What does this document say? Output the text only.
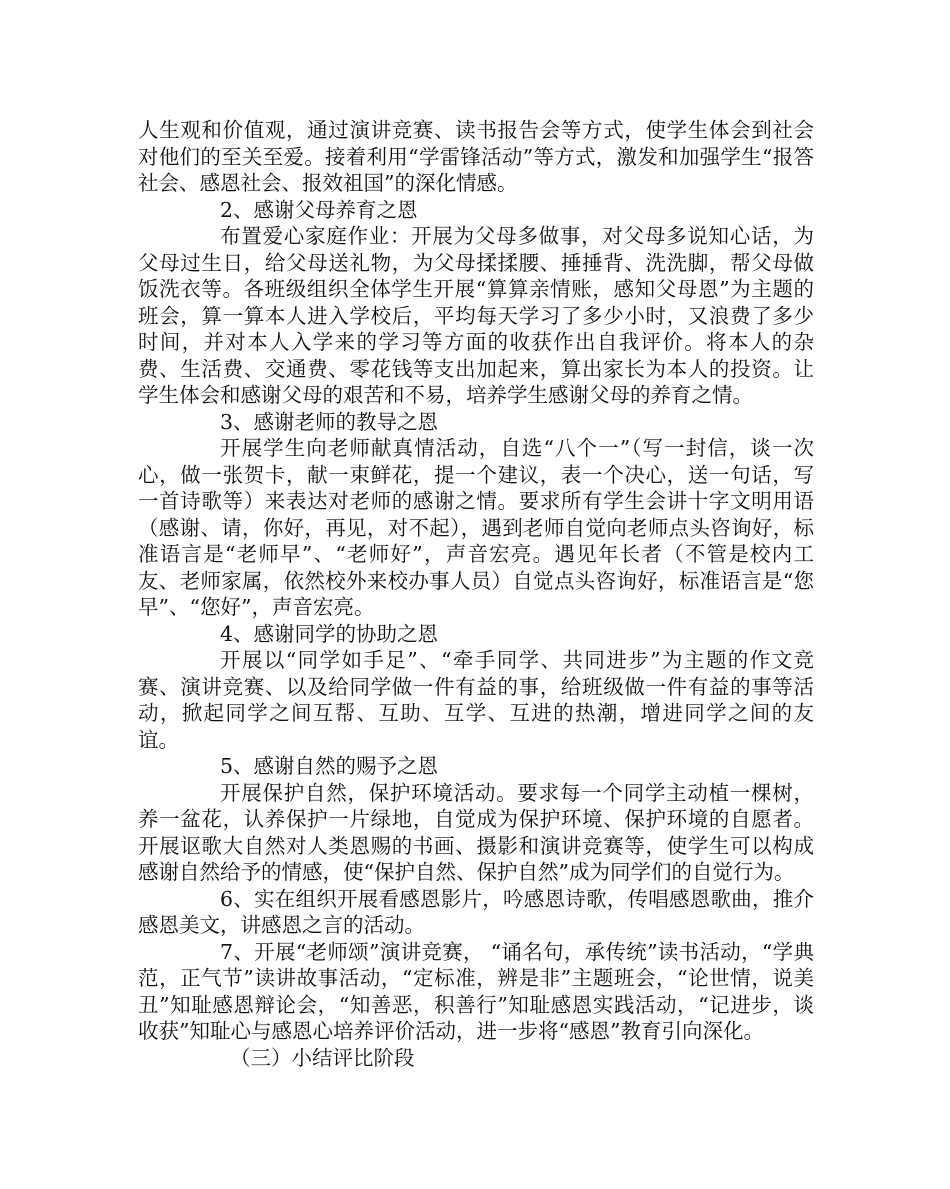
人生观和价值观，通过演讲竞赛、读书报告会等方式，使学生体会到社会对他们的至关至爱。接着利用“学雷锋活动”等方式，激发和加强学生“报答社会、感恩社会、报效祖国”的深化情感。

2、感谢父母养育之恩

布置爱心家庭作业：开展为父母多做事，对父母多说知心话，为父母过生日，给父母送礼物，为父母揉揉腰、捶捶背、洗洗脚，帮父母做饭洗衣等。各班级组织全体学生开展“算算亲情账，感知父母恩”为主题的班会，算一算本人进入学校后，平均每天学习了多少小时，又浪费了多少时间，并对本人入学来的学习等方面的收获作出自我评价。将本人的杂费、生活费、交通费、零花钱等支出加起来，算出家长为本人的投资。让学生体会和感谢父母的艰苦和不易，培养学生感谢父母的养育之情。

3、感谢老师的教导之恩

开展学生向老师献真情活动，自选“八个一”（写一封信，谈一次心，做一张贺卡，献一束鲜花，提一个建议，表一个决心，送一句话，写一首诗歌等）来表达对老师的感谢之情。要求所有学生会讲十字文明用语（感谢、请，你好，再见，对不起），遇到老师自觉向老师点头咨询好，标准语言是“老师早”、“老师好”，声音宏亮。遇见年长者（不管是校内工友、老师家属，依然校外来校办事人员）自觉点头咨询好，标准语言是“您早”、“您好”，声音宏亮。

4、感谢同学的协助之恩

开展以“同学如手足”、“牵手同学、共同进步”为主题的作文竞赛、演讲竞赛、以及给同学做一件有益的事，给班级做一件有益的事等活动，掀起同学之间互帮、互助、互学、互进的热潮，增进同学之间的友谊。

5、感谢自然的赐予之恩

开展保护自然，保护环境活动。要求每一个同学主动植一棵树，养一盆花，认养保护一片绿地，自觉成为保护环境、保护环境的自愿者。开展讴歌大自然对人类恩赐的书画、摄影和演讲竞赛等，使学生可以构成感谢自然给予的情感，使“保护自然、保护自然”成为同学们的自觉行为。

6、实在组织开展看感恩影片，吟感恩诗歌，传唱感恩歌曲，推介感恩美文，讲感恩之言的活动。

7、开展“老师颂”演讲竞赛， “诵名句，承传统”读书活动，“学典范，正气节”读讲故事活动，“定标准，辨是非”主题班会，“论世情，说美丑”知耻感恩辩论会，“知善恶，积善行”知耻感恩实践活动，“记进步，谈收获”知耻心与感恩心培养评价活动，进一步将“感恩”教育引向深化。

（三）小结评比阶段
